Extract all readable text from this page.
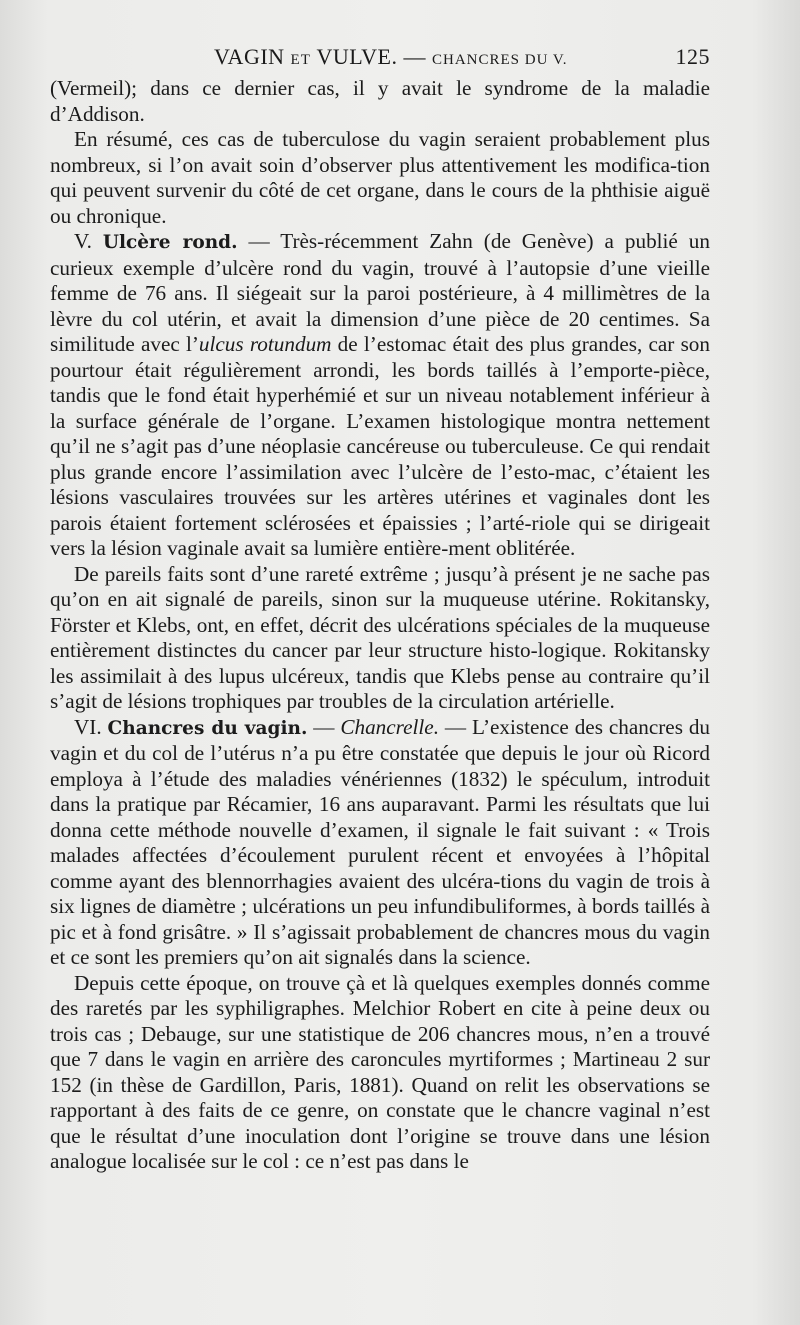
VAGIN ET VULVE. — CHANCRES DU V.	125

(Vermeil); dans ce dernier cas, il y avait le syndrome de la maladie d’Addison.

En résumé, ces cas de tuberculose du vagin seraient probablement plus nombreux, si l’on avait soin d’observer plus attentivement les modifica-tion qui peuvent survenir du côté de cet organe, dans le cours de la phthisie aiguë ou chronique.

V. Ulcère rond. — Très-récemment Zahn (de Genève) a publié un curieux exemple d’ulcère rond du vagin, trouvé à l’autopsie d’une vieille femme de 76 ans. Il siégeait sur la paroi postérieure, à 4 millimètres de la lèvre du col utérin, et avait la dimension d’une pièce de 20 centimes. Sa similitude avec l’ulcus rotundum de l’estomac était des plus grandes, car son pourtour était régulièrement arrondi, les bords taillés à l’emporte-pièce, tandis que le fond était hyperhémié et sur un niveau notablement inférieur à la surface générale de l’organe. L’examen histologique montra nettement qu’il ne s’agit pas d’une néoplasie cancéreuse ou tuberculeuse. Ce qui rendait plus grande encore l’assimilation avec l’ulcère de l’esto-mac, c’étaient les lésions vasculaires trouvées sur les artères utérines et vaginales dont les parois étaient fortement sclérosées et épaissies ; l’arté-riole qui se dirigeait vers la lésion vaginale avait sa lumière entière-ment oblitérée.

De pareils faits sont d’une rareté extrême ; jusqu’à présent je ne sache pas qu’on en ait signalé de pareils, sinon sur la muqueuse utérine. Rokitansky, Förster et Klebs, ont, en effet, décrit des ulcérations spéciales de la muqueuse entièrement distinctes du cancer par leur structure histo-logique. Rokitansky les assimilait à des lupus ulcéreux, tandis que Klebs pense au contraire qu’il s’agit de lésions trophiques par troubles de la circulation artérielle.

VI. Chancres du vagin. — Chancrelle. — L’existence des chancres du vagin et du col de l’utérus n’a pu être constatée que depuis le jour où Ricord employa à l’étude des maladies vénériennes (1832) le spéculum, introduit dans la pratique par Récamier, 16 ans auparavant. Parmi les résultats que lui donna cette méthode nouvelle d’examen, il signale le fait suivant : « Trois malades affectées d’écoulement purulent récent et envoyées à l’hôpital comme ayant des blennorrhagies avaient des ulcéra-tions du vagin de trois à six lignes de diamètre ; ulcérations un peu infundibuliformes, à bords taillés à pic et à fond grisâtre. » Il s’agissait probablement de chancres mous du vagin et ce sont les premiers qu’on ait signalés dans la science.

Depuis cette époque, on trouve çà et là quelques exemples donnés comme des raretés par les syphiligraphes. Melchior Robert en cite à peine deux ou trois cas ; Debauge, sur une statistique de 206 chancres mous, n’en a trouvé que 7 dans le vagin en arrière des caroncules myrtiformes ; Martineau 2 sur 152 (in thèse de Gardillon, Paris, 1881). Quand on relit les observations se rapportant à des faits de ce genre, on constate que le chancre vaginal n’est que le résultat d’une inoculation dont l’origine se trouve dans une lésion analogue localisée sur le col : ce n’est pas dans le
